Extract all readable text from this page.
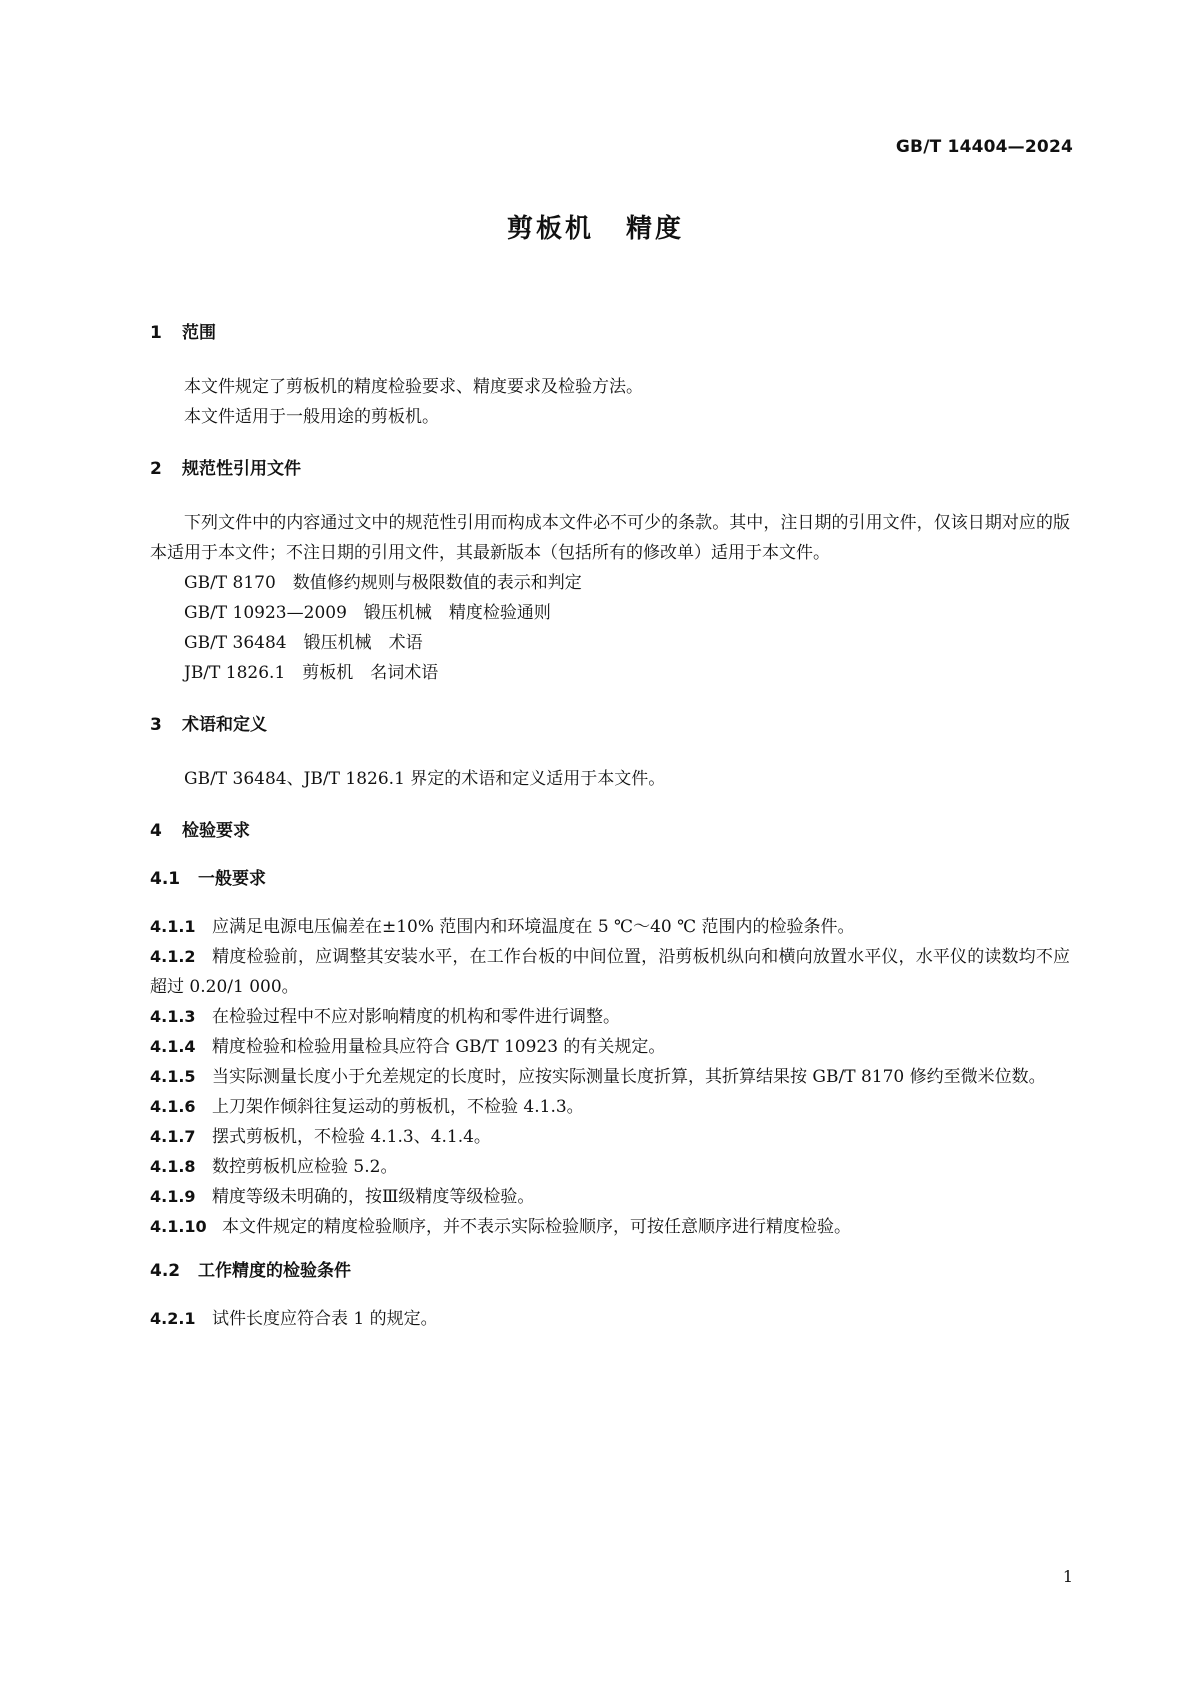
GB/T 14404—2024
剪板机 精度
1 范围

本文件规定了剪板机的精度检验要求、精度要求及检验方法。

本文件适用于一般用途的剪板机。

2 规范性引用文件

下列文件中的内容通过文中的规范性引用而构成本文件必不可少的条款。其中，注日期的引用文件，仅该日期对应的版本适用于本文件；不注日期的引用文件，其最新版本（包括所有的修改单）适用于本文件。

GB/T 8170　数值修约规则与极限数值的表示和判定

GB/T 10923—2009　锻压机械　精度检验通则

GB/T 36484　锻压机械　术语

JB/T 1826.1　剪板机　名词术语

3 术语和定义

GB/T 36484、JB/T 1826.1 界定的术语和定义适用于本文件。

4 检验要求
4.1 一般要求

4.1.1 应满足电源电压偏差在±10% 范围内和环境温度在 5 ℃～40 ℃ 范围内的检验条件。

4.1.2 精度检验前，应调整其安装水平，在工作台板的中间位置，沿剪板机纵向和横向放置水平仪，水平仪的读数均不应超过 0.20/1 000。

4.1.3 在检验过程中不应对影响精度的机构和零件进行调整。

4.1.4 精度检验和检验用量检具应符合 GB/T 10923 的有关规定。

4.1.5 当实际测量长度小于允差规定的长度时，应按实际测量长度折算，其折算结果按 GB/T 8170 修约至微米位数。

4.1.6 上刀架作倾斜往复运动的剪板机，不检验 4.1.3。

4.1.7 摆式剪板机，不检验 4.1.3、4.1.4。

4.1.8 数控剪板机应检验 5.2。

4.1.9 精度等级未明确的，按Ⅲ级精度等级检验。

4.1.10 本文件规定的精度检验顺序，并不表示实际检验顺序，可按任意顺序进行精度检验。

4.2 工作精度的检验条件

4.2.1 试件长度应符合表 1 的规定。

1
